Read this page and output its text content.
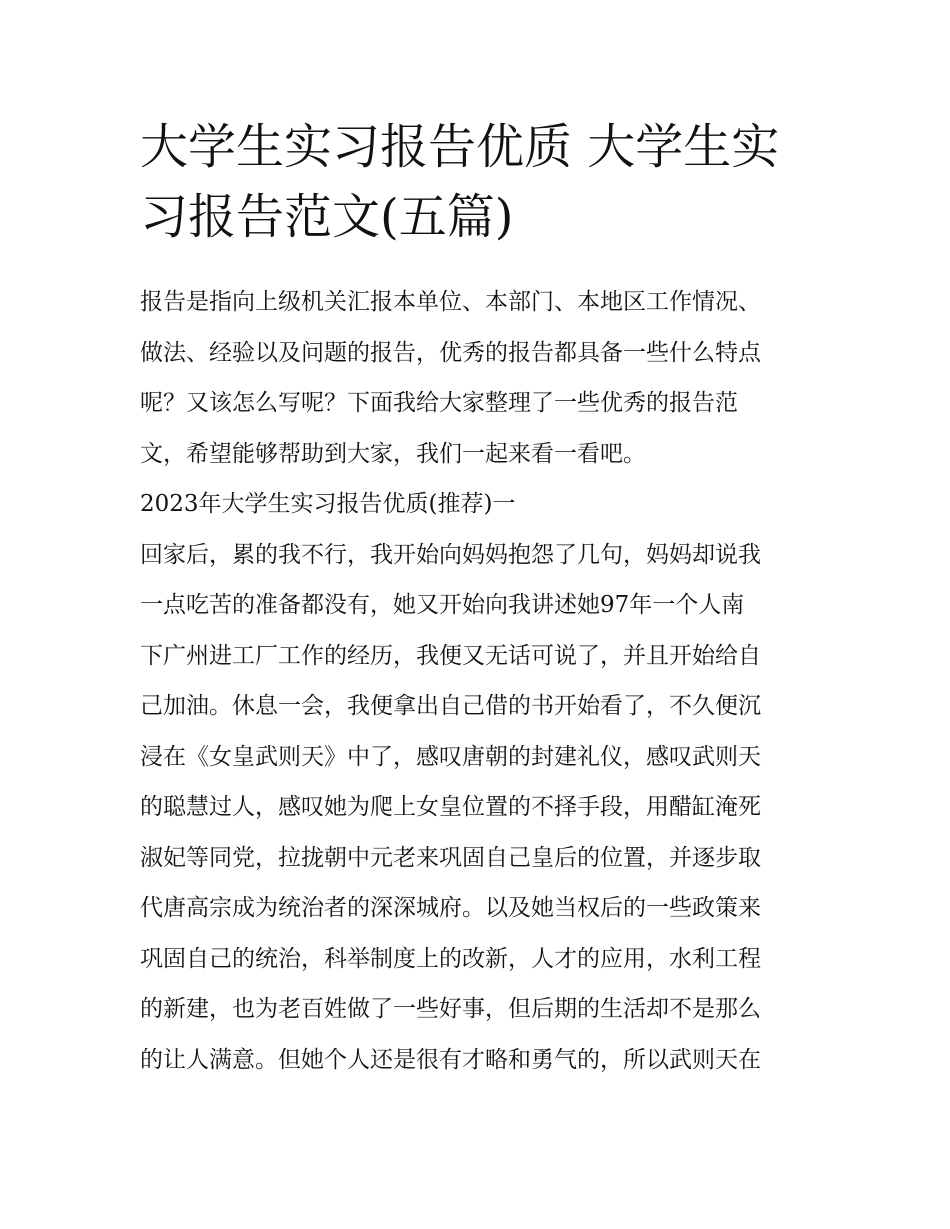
大学生实习报告优质 大学生实
习报告范文(五篇)
报告是指向上级机关汇报本单位、本部门、本地区工作情况、
做法、经验以及问题的报告，优秀的报告都具备一些什么特点
呢？又该怎么写呢？下面我给大家整理了一些优秀的报告范
文，希望能够帮助到大家，我们一起来看一看吧。
2023年大学生实习报告优质(推荐)一
回家后，累的我不行，我开始向妈妈抱怨了几句，妈妈却说我
一点吃苦的准备都没有，她又开始向我讲述她97年一个人南
下广州进工厂工作的经历，我便又无话可说了，并且开始给自
己加油。休息一会，我便拿出自己借的书开始看了，不久便沉
浸在《女皇武则天》中了，感叹唐朝的封建礼仪，感叹武则天
的聪慧过人，感叹她为爬上女皇位置的不择手段，用醋缸淹死
淑妃等同党，拉拢朝中元老来巩固自己皇后的位置，并逐步取
代唐高宗成为统治者的深深城府。以及她当权后的一些政策来
巩固自己的统治，科举制度上的改新，人才的应用，水利工程
的新建，也为老百姓做了一些好事，但后期的生活却不是那么
的让人满意。但她个人还是很有才略和勇气的，所以武则天在
